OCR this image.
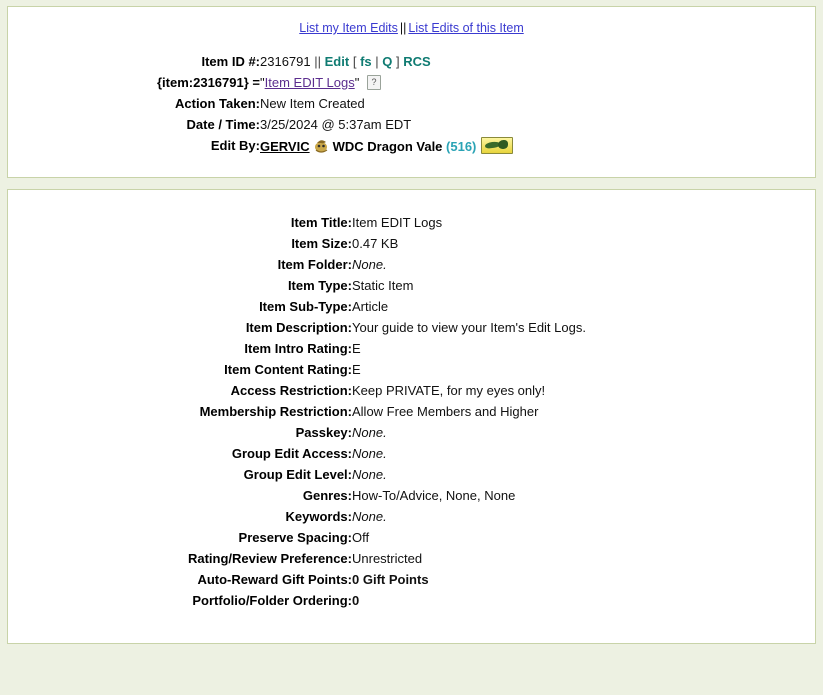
List my Item Edits || List Edits of this Item
Item ID #:	2316791 || Edit [ fs | Q ] RCS
{item:2316791} =	"Item EDIT Logs" ?
Action Taken:	New Item Created
Date / Time:	3/25/2024 @ 5:37am EDT
Edit By:	GERVIC WDC Dragon Vale (516)
Item Title:	Item EDIT Logs
Item Size:	0.47 KB
Item Folder:	None.
Item Type:	Static Item
Item Sub-Type:	Article
Item Description:	Your guide to view your Item's Edit Logs.
Item Intro Rating:	E
Item Content Rating:	E
Access Restriction:	Keep PRIVATE, for my eyes only!
Membership Restriction:	Allow Free Members and Higher
Passkey:	None.
Group Edit Access:	None.
Group Edit Level:	None.
Genres:	How-To/Advice, None, None
Keywords:	None.
Preserve Spacing:	Off
Rating/Review Preference:	Unrestricted
Auto-Reward Gift Points:	0 Gift Points
Portfolio/Folder Ordering:	0
